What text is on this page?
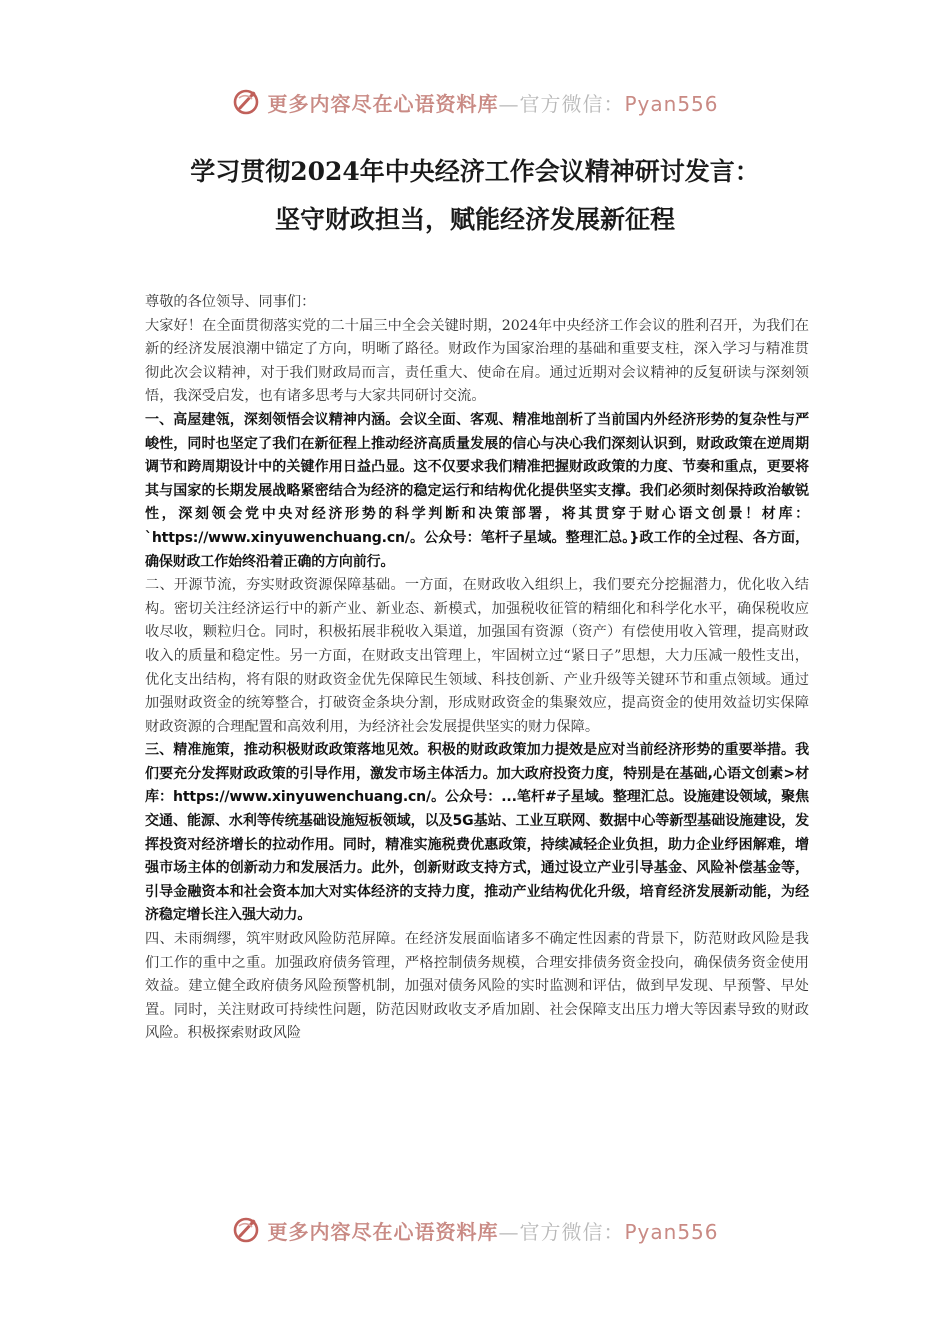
更多内容尽在心语资料库—官方微信：Pyan556
学习贯彻2024年中央经济工作会议精神研讨发言：
坚守财政担当，赋能经济发展新征程

尊敬的各位领导、同事们：

大家好！在全面贯彻落实党的二十届三中全会关键时期，2024年中央经济工作会议的胜利召开，为我们在新的经济发展浪潮中锚定了方向，明晰了路径。财政作为国家治理的基础和重要支柱，深入学习与精准贯彻此次会议精神，对于我们财政局而言，责任重大、使命在肩。通过近期对会议精神的反复研读与深刻领悟，我深受启发，也有诸多思考与大家共同研讨交流。

一、高屋建瓴，深刻领悟会议精神内涵。会议全面、客观、精准地剖析了当前国内外经济形势的复杂性与严峻性，同时也坚定了我们在新征程上推动经济高质量发展的信心与决心我们深刻认识到，财政政策在逆周期调节和跨周期设计中的关键作用日益凸显。这不仅要求我们精准把握财政政策的力度、节奏和重点，更要将其与国家的长期发展战略紧密结合为经济的稳定运行和结构优化提供坚实支撑。我们必须时刻保持政治敏锐性，深刻领会党中央对经济形势的科学判断和决策部署，将其贯穿于财心语文创景！材库：`https://www.xinyuwenchuang.cn/。公众号：笔杆子星域。整理汇总。}政工作的全过程、各方面，确保财政工作始终沿着正确的方向前行。

二、开源节流，夯实财政资源保障基础。一方面，在财政收入组织上，我们要充分挖掘潜力，优化收入结构。密切关注经济运行中的新产业、新业态、新模式，加强税收征管的精细化和科学化水平，确保税收应收尽收，颗粒归仓。同时，积极拓展非税收入渠道，加强国有资源（资产）有偿使用收入管理，提高财政收入的质量和稳定性。另一方面，在财政支出管理上，牢固树立过“紧日子”思想，大力压减一般性支出，优化支出结构，将有限的财政资金优先保障民生领域、科技创新、产业升级等关键环节和重点领域。通过加强财政资金的统筹整合，打破资金条块分割，形成财政资金的集聚效应，提高资金的使用效益切实保障财政资源的合理配置和高效利用，为经济社会发展提供坚实的财力保障。

三、精准施策，推动积极财政政策落地见效。积极的财政政策加力提效是应对当前经济形势的重要举措。我们要充分发挥财政政策的引导作用，激发市场主体活力。加大政府投资力度，特别是在基础,心语文创素>材库：https://www.xinyuwenchuang.cn/。公众号：...笔杆#子星域。整理汇总。设施建设领域，聚焦交通、能源、水利等传统基础设施短板领域，以及5G基站、工业互联网、数据中心等新型基础设施建设，发挥投资对经济增长的拉动作用。同时，精准实施税费优惠政策，持续减轻企业负担，助力企业纾困解难，增强市场主体的创新动力和发展活力。此外，创新财政支持方式，通过设立产业引导基金、风险补偿基金等，引导金融资本和社会资本加大对实体经济的支持力度，推动产业结构优化升级，培育经济发展新动能，为经济稳定增长注入强大动力。

四、未雨绸缪，筑牢财政风险防范屏障。在经济发展面临诸多不确定性因素的背景下，防范财政风险是我们工作的重中之重。加强政府债务管理，严格控制债务规模，合理安排债务资金投向，确保债务资金使用效益。建立健全政府债务风险预警机制，加强对债务风险的实时监测和评估，做到早发现、早预警、早处置。同时，关注财政可持续性问题，防范因财政收支矛盾加剧、社会保障支出压力增大等因素导致的财政风险。积极探索财政风险

更多内容尽在心语资料库—官方微信：Pyan556
